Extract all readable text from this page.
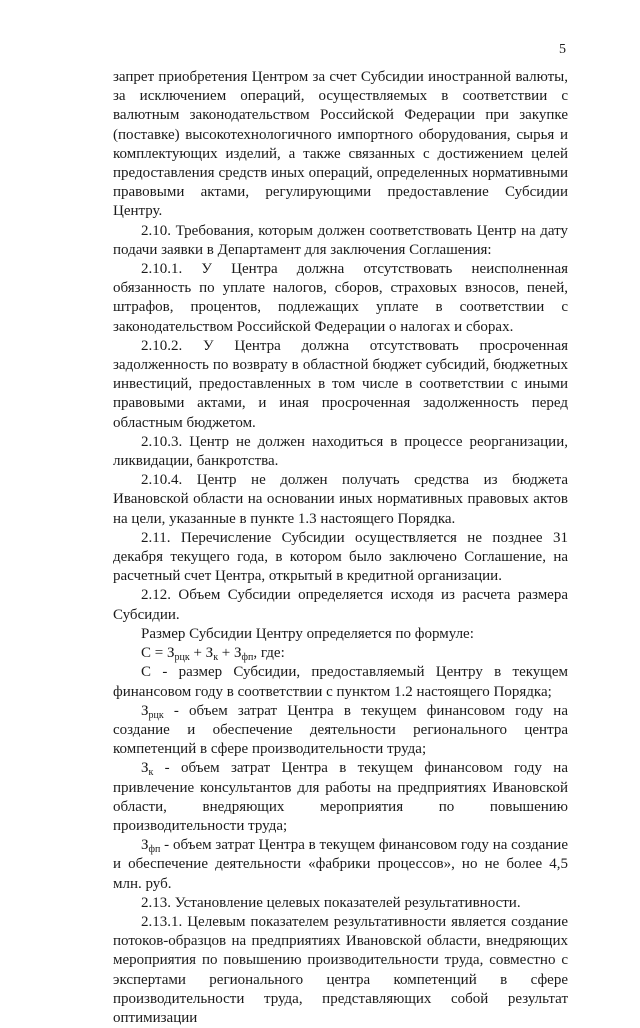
5

запрет приобретения Центром за счет Субсидии иностранной валюты, за исключением операций, осуществляемых в соответствии с валютным законодательством Российской Федерации при закупке (поставке) высокотехнологичного импортного оборудования, сырья и комплектующих изделий, а также связанных с достижением целей предоставления средств иных операций, определенных нормативными правовыми актами, регулирующими предоставление Субсидии Центру.

2.10. Требования, которым должен соответствовать Центр на дату подачи заявки в Департамент для заключения Соглашения:

2.10.1. У Центра должна отсутствовать неисполненная обязанность по уплате налогов, сборов, страховых взносов, пеней, штрафов, процентов, подлежащих уплате в соответствии с законодательством Российской Федерации о налогах и сборах.

2.10.2. У Центра должна отсутствовать просроченная задолженность по возврату в областной бюджет субсидий, бюджетных инвестиций, предоставленных в том числе в соответствии с иными правовыми актами, и иная просроченная задолженность перед областным бюджетом.

2.10.3. Центр не должен находиться в процессе реорганизации, ликвидации, банкротства.

2.10.4. Центр не должен получать средства из бюджета Ивановской области на основании иных нормативных правовых актов на цели, указанные в пункте 1.3 настоящего Порядка.

2.11. Перечисление Субсидии осуществляется не позднее 31 декабря текущего года, в котором было заключено Соглашение, на расчетный счет Центра, открытый в кредитной организации.

2.12. Объем Субсидии определяется исходя из расчета размера Субсидии.

Размер Субсидии Центру определяется по формуле:

$С = З_{рцк} + З_к + З_{фп}$, где:

С - размер Субсидии, предоставляемый Центру в текущем финансовом году в соответствии с пунктом 1.2 настоящего Порядка;

$З_{рцк}$ - объем затрат Центра в текущем финансовом году на создание и обеспечение деятельности регионального центра компетенций в сфере производительности труда;

$З_к$ - объем затрат Центра в текущем финансовом году на привлечение консультантов для работы на предприятиях Ивановской области, внедряющих мероприятия по повышению производительности труда;

$З_{фп}$ - объем затрат Центра в текущем финансовом году на создание и обеспечение деятельности «фабрики процессов», но не более 4,5 млн. руб.

2.13. Установление целевых показателей результативности.

2.13.1. Целевым показателем результативности является создание потоков-образцов на предприятиях Ивановской области, внедряющих мероприятия по повышению производительности труда, совместно с экспертами регионального центра компетенций в сфере производительности труда, представляющих собой результат оптимизации
